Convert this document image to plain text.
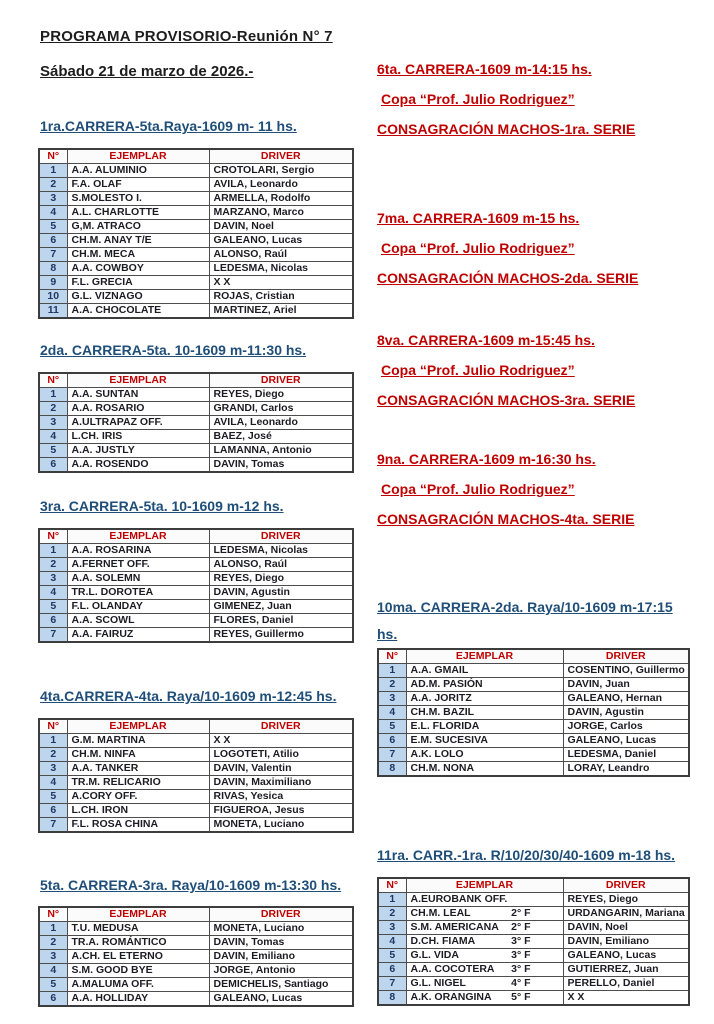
PROGRAMA PROVISORIO-Reunión N° 7
Sábado 21 de marzo de 2026.-
1ra.CARRERA-5ta.Raya-1609 m- 11 hs.
N°	EJEMPLAR	DRIVER
1	A.A. ALUMINIO	CROTOLARI, Sergio
2	F.A. OLAF	AVILA, Leonardo
3	S.MOLESTO I.	ARMELLA, Rodolfo
4	A.L. CHARLOTTE	MARZANO, Marco
5	G,M. ATRACO	DAVIN, Noel
6	CH.M. ANAY T/E	GALEANO, Lucas
7	CH.M. MECA	ALONSO, Raúl
8	A.A. COWBOY	LEDESMA, Nicolas
9	F.L. GRECIA	X X
10	G.L. VIZNAGO	ROJAS, Cristian
11	A.A. CHOCOLATE	MARTINEZ, Ariel
2da. CARRERA-5ta. 10-1609 m-11:30 hs.
N°	EJEMPLAR	DRIVER
1	A.A. SUNTAN	REYES, Diego
2	A.A. ROSARIO	GRANDI, Carlos
3	A.ULTRAPAZ OFF.	AVILA, Leonardo
4	L.CH. IRIS	BAEZ, José
5	A.A. JUSTLY	LAMANNA, Antonio
6	A.A. ROSENDO	DAVIN, Tomas
3ra. CARRERA-5ta. 10-1609 m-12 hs.
N°	EJEMPLAR	DRIVER
1	A.A. ROSARINA	LEDESMA, Nicolas
2	A.FERNET OFF.	ALONSO, Raúl
3	A.A. SOLEMN	REYES, Diego
4	TR.L. DOROTEA	DAVIN, Agustin
5	F.L. OLANDAY	GIMENEZ, Juan
6	A.A. SCOWL	FLORES, Daniel
7	A.A. FAIRUZ	REYES, Guillermo
4ta.CARRERA-4ta. Raya/10-1609 m-12:45 hs.
N°	EJEMPLAR	DRIVER
1	G.M. MARTINA	X X
2	CH.M. NINFA	LOGOTETI, Atilio
3	A.A. TANKER	DAVIN, Valentin
4	TR.M. RELICARIO	DAVIN, Maximiliano
5	A.CORY OFF.	RIVAS, Yesica
6	L.CH. IRON	FIGUEROA, Jesus
7	F.L. ROSA CHINA	MONETA, Luciano
5ta. CARRERA-3ra. Raya/10-1609 m-13:30 hs.
N°	EJEMPLAR	DRIVER
1	T.U. MEDUSA	MONETA, Luciano
2	TR.A. ROMÁNTICO	DAVIN, Tomas
3	A.CH. EL ETERNO	DAVIN, Emiliano
4	S.M. GOOD BYE	JORGE, Antonio
5	A.MALUMA OFF.	DEMICHELIS, Santiago
6	A.A. HOLLIDAY	GALEANO, Lucas
6ta. CARRERA-1609 m-14:15 hs.
Copa “Prof. Julio Rodriguez”
CONSAGRACIÓN MACHOS-1ra. SERIE
7ma. CARRERA-1609 m-15 hs.
Copa “Prof. Julio Rodriguez”
CONSAGRACIÓN MACHOS-2da. SERIE
8va. CARRERA-1609 m-15:45 hs.
Copa “Prof. Julio Rodriguez”
CONSAGRACIÓN MACHOS-3ra. SERIE
9na. CARRERA-1609 m-16:30 hs.
Copa “Prof. Julio Rodriguez”
CONSAGRACIÓN MACHOS-4ta. SERIE
10ma. CARRERA-2da. Raya/10-1609 m-17:15 hs.
N°	EJEMPLAR	DRIVER
1	A.A. GMAIL	COSENTINO, Guillermo
2	AD.M. PASIÓN	DAVIN, Juan
3	A.A. JORITZ	GALEANO, Hernan
4	CH.M. BAZIL	DAVIN, Agustin
5	E.L. FLORIDA	JORGE, Carlos
6	E.M. SUCESIVA	GALEANO, Lucas
7	A.K. LOLO	LEDESMA, Daniel
8	CH.M. NONA	LORAY, Leandro
11ra. CARR.-1ra. R/10/20/30/40-1609 m-18 hs.
N°	EJEMPLAR	DRIVER
1	A.EUROBANK OFF.	REYES, Diego
2	CH.M. LEAL 2° F	URDANGARIN, Mariana
3	S.M. AMERICANA 2° F	DAVIN, Noel
4	D.CH. FIAMA 3° F	DAVIN, Emiliano
5	G.L. VIDA 3° F	GALEANO, Lucas
6	A.A. COCOTERA 3° F	GUTIERREZ, Juan
7	G.L. NIGEL 4° F	PERELLO, Daniel
8	A.K. ORANGINA 5° F	X X
